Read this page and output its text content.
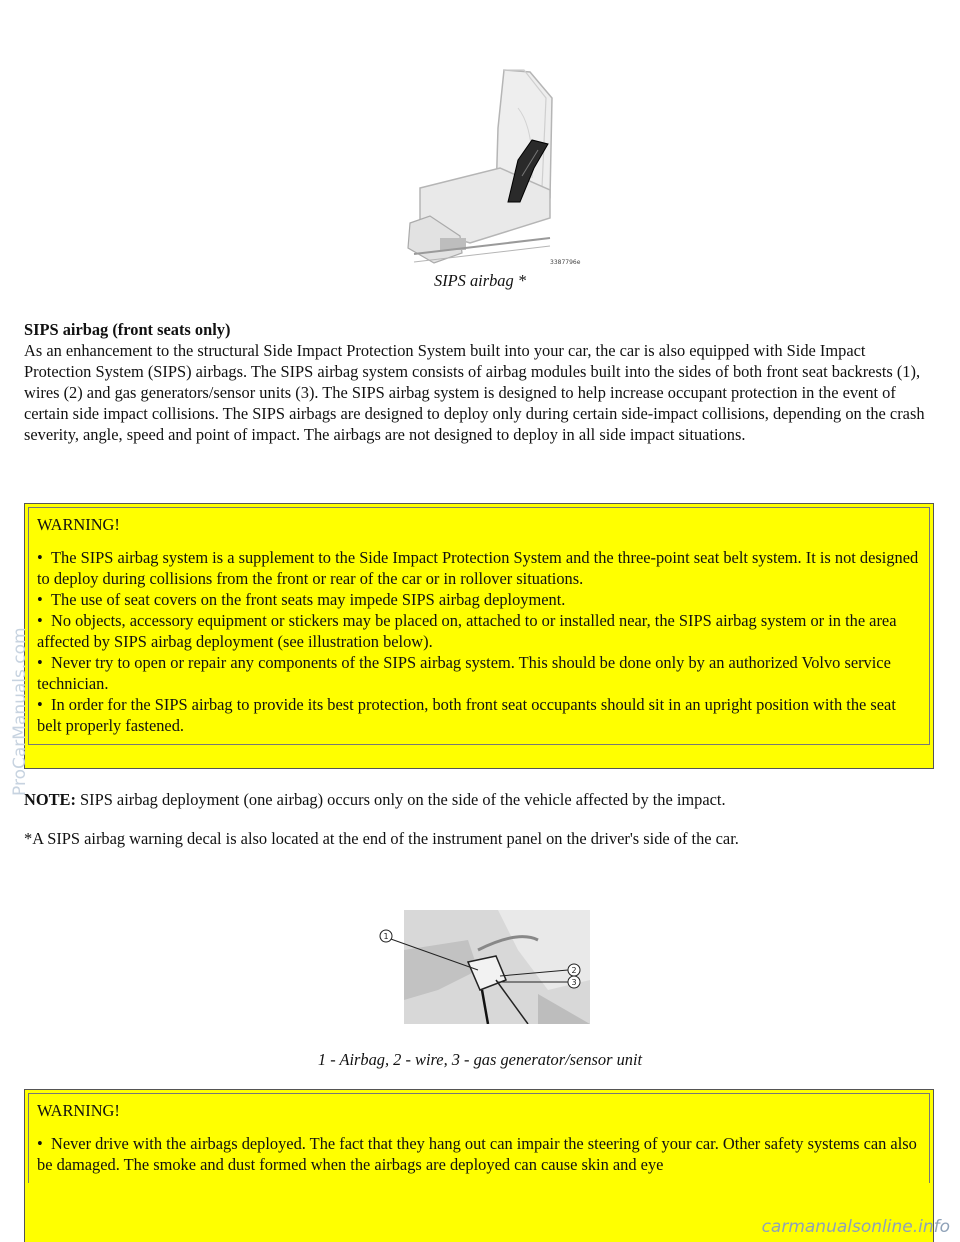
3387796e
SIPS airbag *
SIPS airbag (front seats only)
As an enhancement to the structural Side Impact Protection System built into your car, the car is also equipped with Side Impact Protection System (SIPS) airbags. The SIPS airbag system consists of airbag modules built into the sides of both front seat backrests (1), wires (2) and gas generators/sensor units (3). The SIPS airbag system is designed to help increase occupant protection in the event of certain side impact collisions. The SIPS airbags are designed to deploy only during certain side-impact collisions, depending on the crash severity, angle, speed and point of impact. The airbags are not designed to deploy in all side impact situations.

WARNING!

• The SIPS airbag system is a supplement to the Side Impact Protection System and the three-point seat belt system. It is not designed to deploy during collisions from the front or rear of the car or in rollover situations.

• The use of seat covers on the front seats may impede SIPS airbag deployment.

• No objects, accessory equipment or stickers may be placed on, attached to or installed near, the SIPS airbag system or in the area affected by SIPS airbag deployment (see illustration below).

• Never try to open or repair any components of the SIPS airbag system. This should be done only by an authorized Volvo service technician.

• In order for the SIPS airbag to provide its best protection, both front seat occupants should sit in an upright position with the seat belt properly fastened.

NOTE: SIPS airbag deployment (one airbag) occurs only on the side of the vehicle affected by the impact.
*A SIPS airbag warning decal is also located at the end of the instrument panel on the driver's side of the car.
1
2
3
1 - Airbag, 2 - wire, 3 - gas generator/sensor unit

WARNING!

• Never drive with the airbags deployed. The fact that they hang out can impair the steering of your car. Other safety systems can also be damaged. The smoke and dust formed when the airbags are deployed can cause skin and eye

ProCarManuals.com
carmanualsonline.info
